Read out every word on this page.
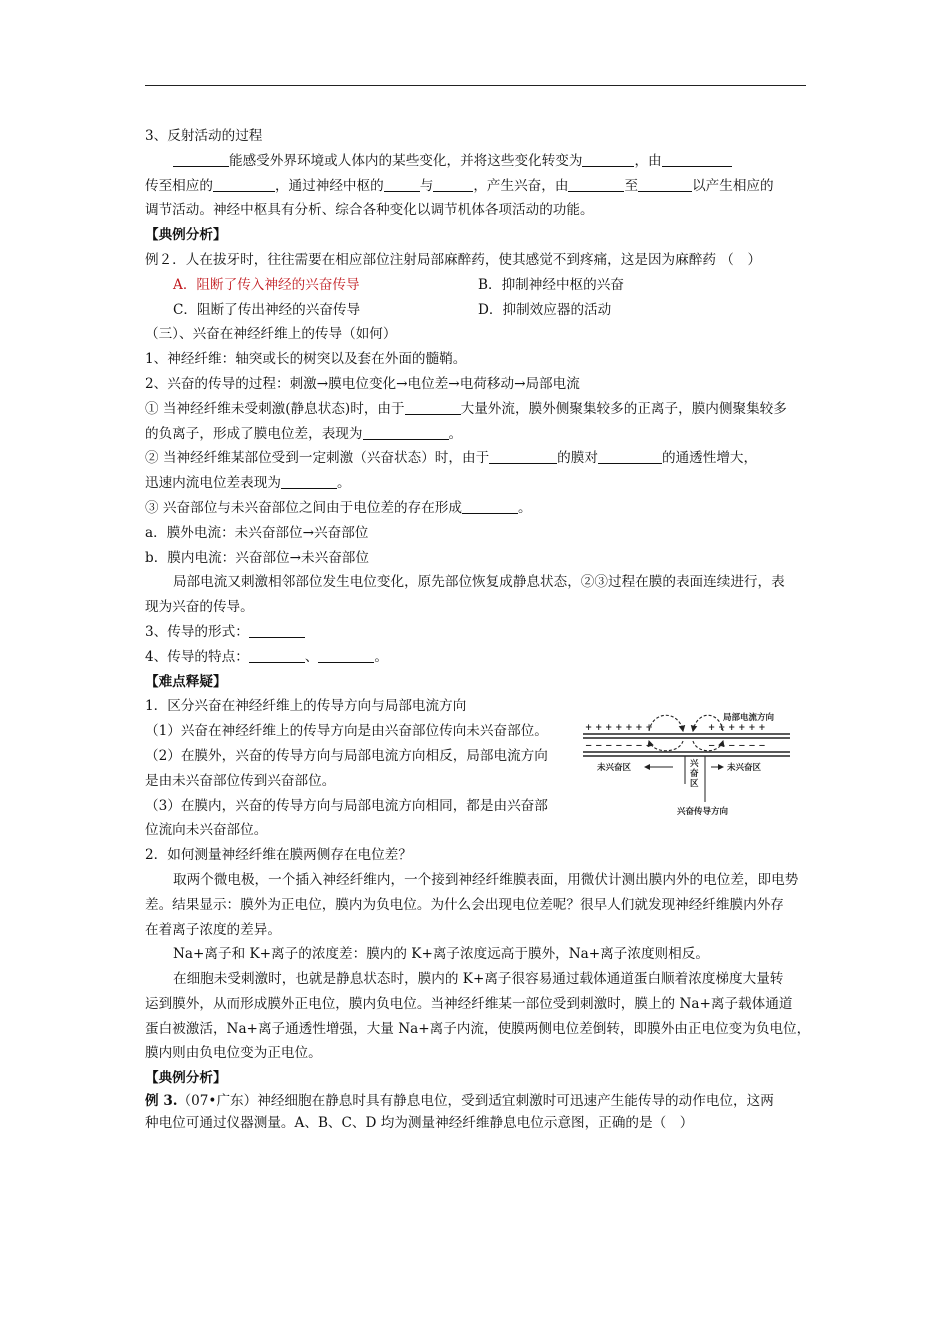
3、反射活动的过程
能感受外界环境或人体内的某些变化，并将这些变化转变为	，由
传至相应的	，通过神经中枢的	与	，产生兴奋，由	至	以产生相应的
调节活动。神经中枢具有分析、综合各种变化以调节机体各项活动的功能。
【典例分析】
例２．人在拔牙时，往往需要在相应部位注射局部麻醉药，使其感觉不到疼痛，这是因为麻醉药 （　）
A．阻断了传入神经的兴奋传导	B．抑制神经中枢的兴奋
C．阻断了传出神经的兴奋传导	D．抑制效应器的活动
（三）、兴奋在神经纤维上的传导（如何）
1、神经纤维：轴突或长的树突以及套在外面的髓鞘。
2、兴奋的传导的过程：刺激→膜电位变化→电位差→电荷移动→局部电流
① 当神经纤维未受刺激(静息状态)时，由于	大量外流，膜外侧聚集较多的正离子，膜内侧聚集较多
的负离子，形成了膜电位差，表现为	。
② 当神经纤维某部位受到一定刺激（兴奋状态）时，由于	的膜对	的通透性增大，
迅速内流电位差表现为	。
③ 兴奋部位与未兴奋部位之间由于电位差的存在形成	。
a．膜外电流：未兴奋部位→兴奋部位
b．膜内电流：兴奋部位→未兴奋部位
局部电流又刺激相邻部位发生电位变化，原先部位恢复成静息状态，②③过程在膜的表面连续进行，表
现为兴奋的传导。
3、传导的形式：
4、传导的特点：	、	。
【难点释疑】
1．区分兴奋在神经纤维上的传导方向与局部电流方向
（1）兴奋在神经纤维上的传导方向是由兴奋部位传向未兴奋部位。
（2）在膜外，兴奋的传导方向与局部电流方向相反，局部电流方向
是由未兴奋部位传到兴奋部位。
（3）在膜内，兴奋的传导方向与局部电流方向相同，都是由兴奋部
位流向未兴奋部位。
2．如何测量神经纤维在膜两侧存在电位差？
取两个微电极，一个插入神经纤维内，一个接到神经纤维膜表面，用微伏计测出膜内外的电位差，即电势
差。结果显示：膜外为正电位，膜内为负电位。为什么会出现电位差呢？很早人们就发现神经纤维膜内外存
在着离子浓度的差异。
Na+离子和 K+离子的浓度差：膜内的 K+离子浓度远高于膜外，Na+离子浓度则相反。
在细胞未受刺激时，也就是静息状态时，膜内的 K+离子很容易通过载体通道蛋白顺着浓度梯度大量转
运到膜外，从而形成膜外正电位，膜内负电位。当神经纤维某一部位受到刺激时，膜上的 Na+离子载体通道
蛋白被激活，Na+离子通透性增强，大量 Na+离子内流，使膜两侧电位差倒转，即膜外由正电位变为负电位，
膜内则由负电位变为正电位。
【典例分析】
例 3.（07•广东）神经细胞在静息时具有静息电位，受到适宜刺激时可迅速产生能传导的动作电位，这两
种电位可通过仪器测量。A、B、C、D 均为测量神经纤维静息电位示意图，正确的是（　）
+ + + + + + +	+ + + + + +
− − − − − − −	− − − − − −
局部电流方向
未兴奋区	兴
奋
区
未兴奋区
兴奋传导方向
